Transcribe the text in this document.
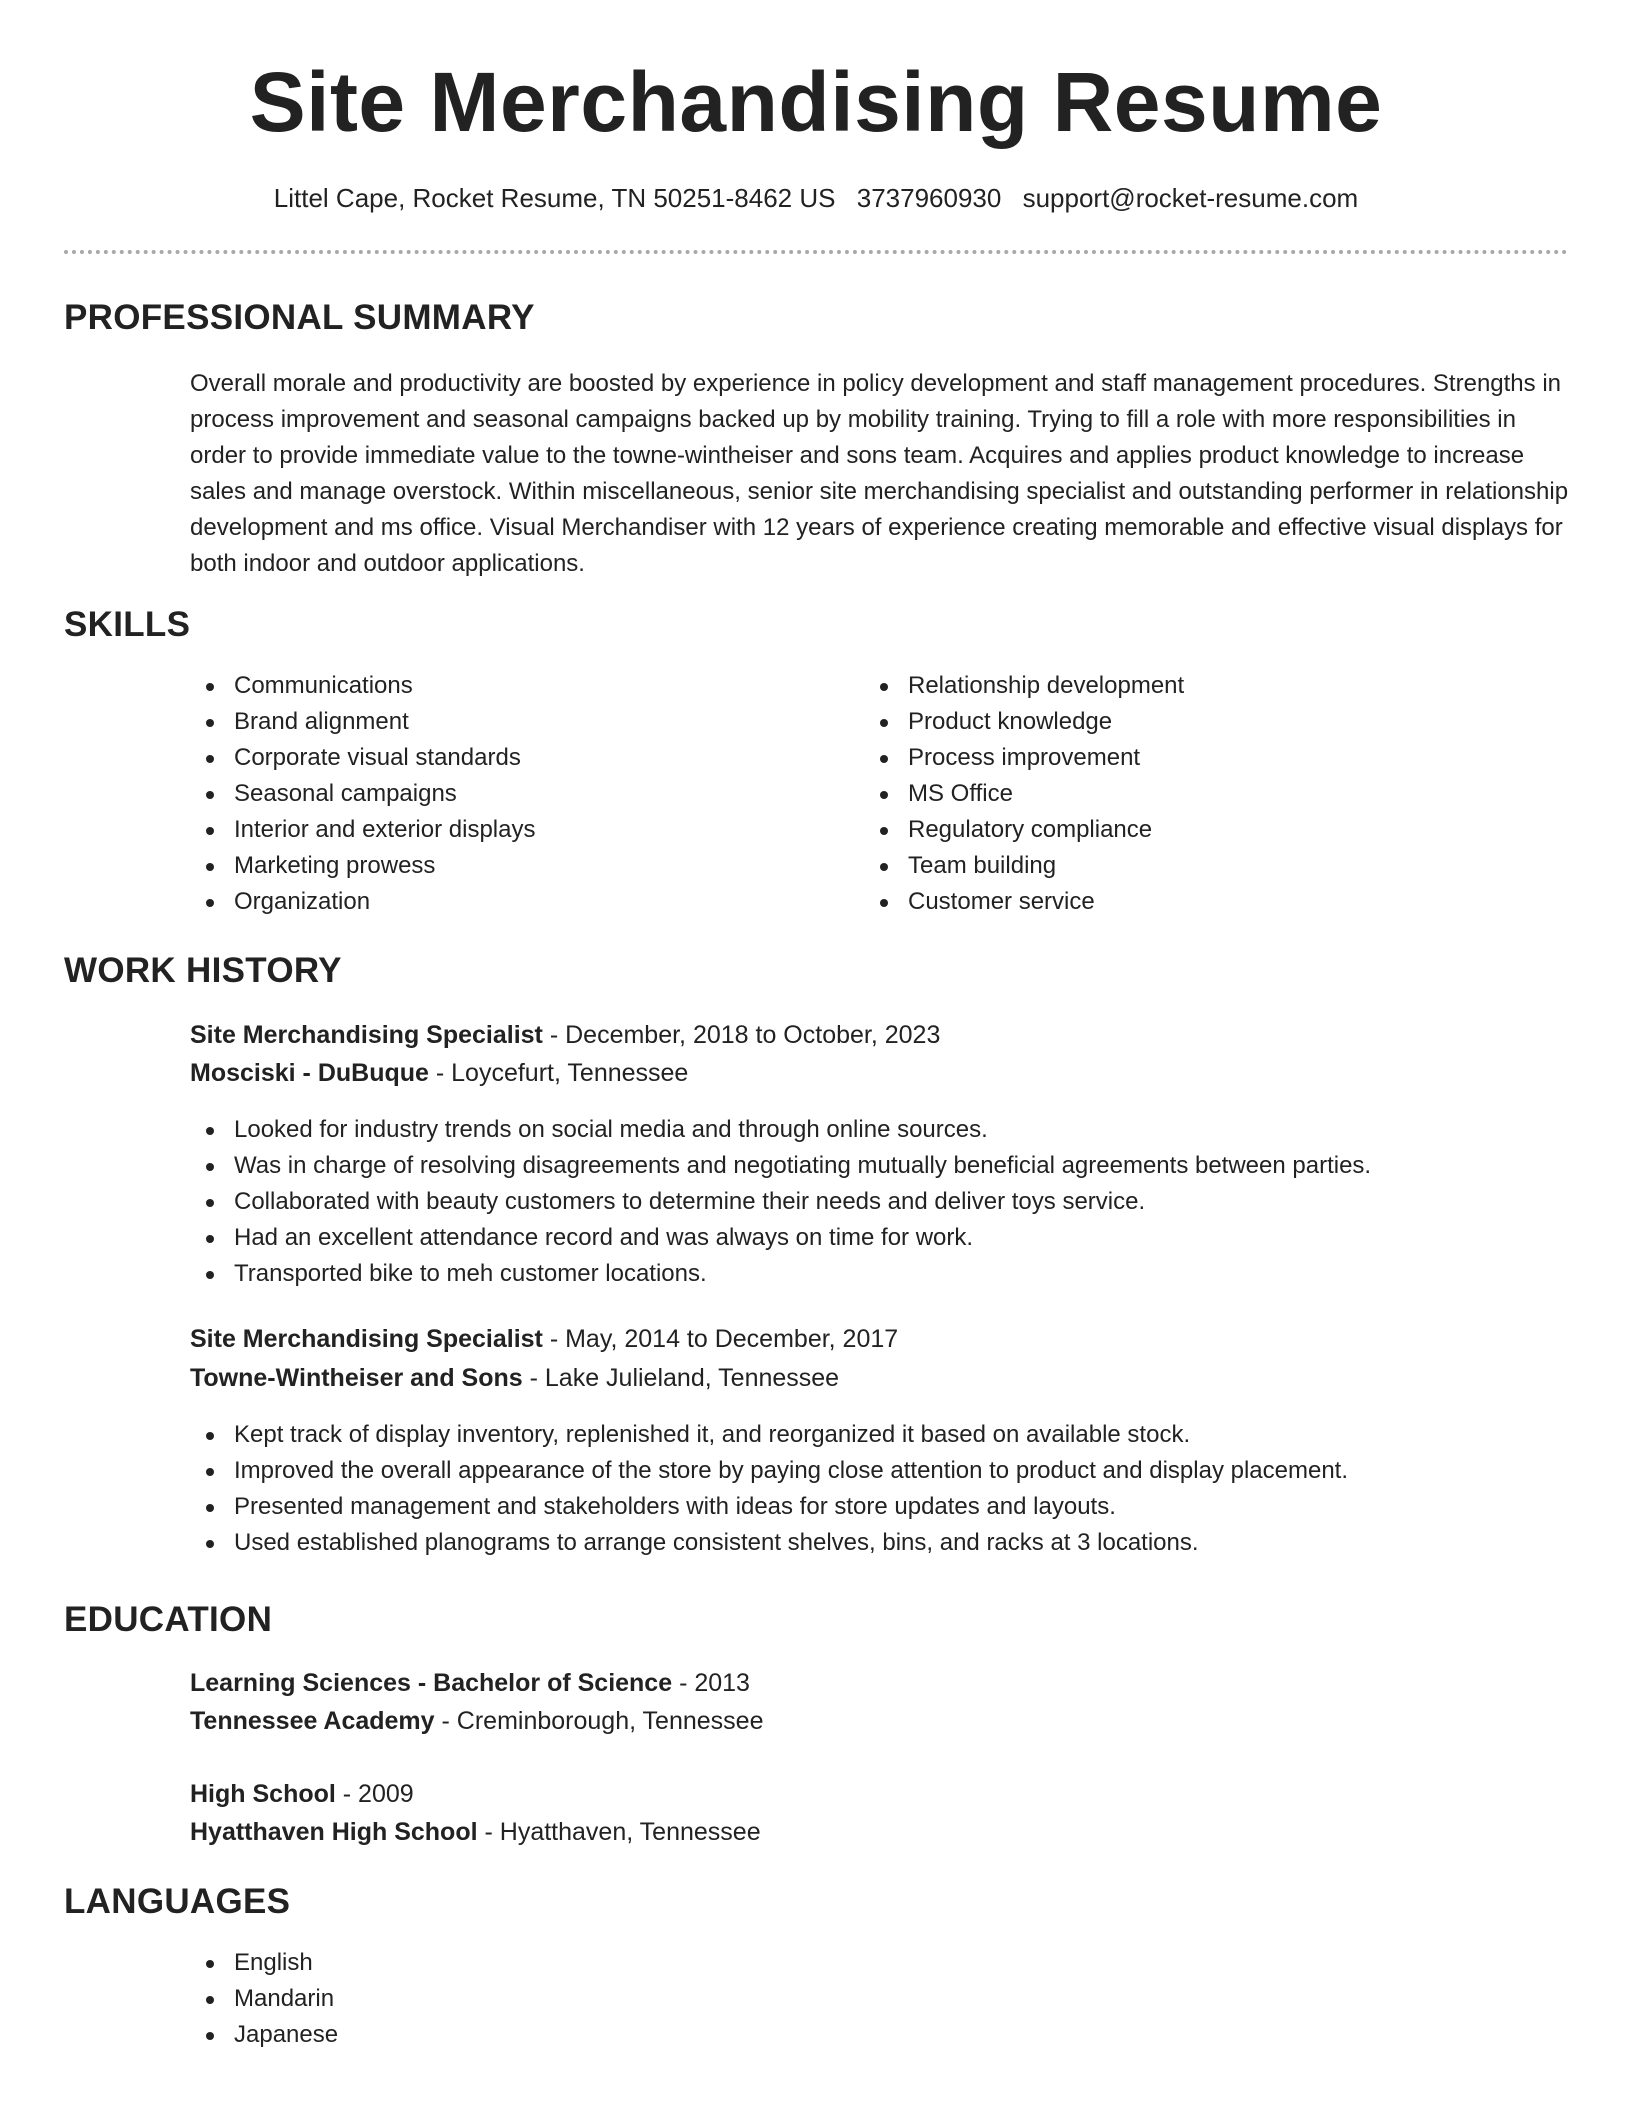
Site Merchandising Resume
Littel Cape, Rocket Resume, TN 50251-8462 US 3737960930 support@rocket-resume.com
PROFESSIONAL SUMMARY

Overall morale and productivity are boosted by experience in policy development and staff management procedures. Strengths in process improvement and seasonal campaigns backed up by mobility training. Trying to fill a role with more responsibilities in order to provide immediate value to the towne-wintheiser and sons team. Acquires and applies product knowledge to increase sales and manage overstock. Within miscellaneous, senior site merchandising specialist and outstanding performer in relationship development and ms office. Visual Merchandiser with 12 years of experience creating memorable and effective visual displays for both indoor and outdoor applications.

SKILLS
Communications
Brand alignment
Corporate visual standards
Seasonal campaigns
Interior and exterior displays
Marketing prowess
Organization
Relationship development
Product knowledge
Process improvement
MS Office
Regulatory compliance
Team building
Customer service
WORK HISTORY
Site Merchandising Specialist - December, 2018 to October, 2023
Mosciski - DuBuque - Loycefurt, Tennessee
Looked for industry trends on social media and through online sources.
Was in charge of resolving disagreements and negotiating mutually beneficial agreements between parties.
Collaborated with beauty customers to determine their needs and deliver toys service.
Had an excellent attendance record and was always on time for work.
Transported bike to meh customer locations.
Site Merchandising Specialist - May, 2014 to December, 2017
Towne-Wintheiser and Sons - Lake Julieland, Tennessee
Kept track of display inventory, replenished it, and reorganized it based on available stock.
Improved the overall appearance of the store by paying close attention to product and display placement.
Presented management and stakeholders with ideas for store updates and layouts.
Used established planograms to arrange consistent shelves, bins, and racks at 3 locations.
EDUCATION
Learning Sciences - Bachelor of Science - 2013
Tennessee Academy - Creminborough, Tennessee
High School - 2009
Hyatthaven High School - Hyatthaven, Tennessee
LANGUAGES
English
Mandarin
Japanese
